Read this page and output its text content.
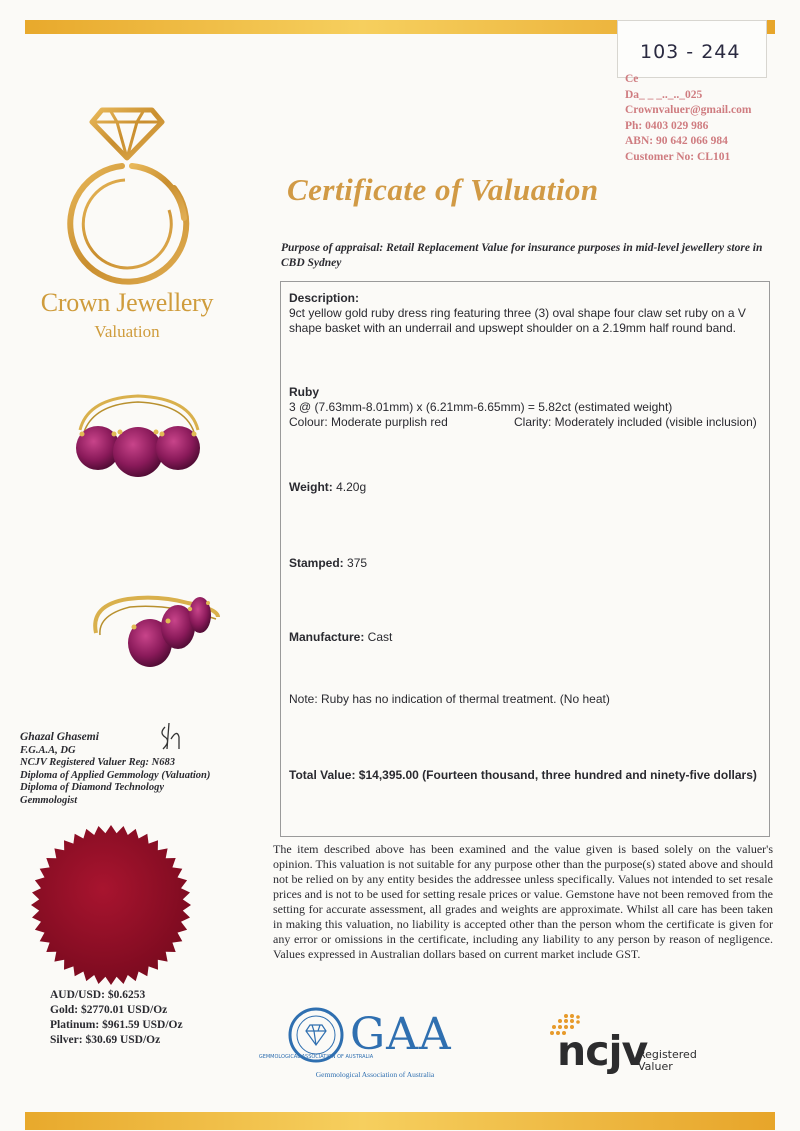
103 - 244
Ce
Da_ _ _.._.._025
Crownvaluer@gmail.com
Ph: 0403 029 986
ABN: 90 642 066 984
Customer No: CL101
Crown Jewellery
Valuation
Certificate of Valuation
Purpose of appraisal: Retail Replacement Value for insurance purposes in mid-level jewellery store in CBD Sydney
Description:
9ct yellow gold ruby dress ring featuring three (3) oval shape four claw set ruby on a V shape basket with an underrail and upswept shoulder on a 2.19mm half round band.
Ruby
3 @ (7.63mm-8.01mm) x (6.21mm-6.65mm) = 5.82ct (estimated weight)
Colour: Moderate purplish red	Clarity: Moderately included (visible inclusion)
Weight: 4.20g
Stamped: 375
Manufacture: Cast
Note: Ruby has no indication of thermal treatment. (No heat)
Total Value: $14,395.00 (Fourteen thousand, three hundred and ninety-five dollars)
The item described above has been examined and the value given is based solely on the valuer's opinion. This valuation is not suitable for any purpose other than the purpose(s) stated above and should not be relied on by any entity besides the addressee unless specifically. Values not intended to set resale prices and is not to be used for setting resale prices or value. Gemstone have not been removed from the setting for accurate assessment, all grades and weights are approximate. Whilst all care has been taken in making this valuation, no liability is accepted other than the person whom the certificate is given for any error or omissions in the certificate, including any liability to any person by reason of negligence. Values expressed in Australian dollars based on current market include GST.
Ghazal Ghasemi
F.G.A.A, DG
NCJV Registered Valuer Reg: N683
Diploma of Applied Gemmology (Valuation)
Diploma of Diamond Technology
Gemmologist
AUD/USD: $0.6253
Gold: $2770.01 USD/Oz
Platinum: $961.59 USD/Oz
Silver: $30.69 USD/Oz
GEMMOLOGICAL ASSOCIATION OF AUSTRALIA
GAA
Gemmological Association of Australia	ncjv
Registered
Valuer
